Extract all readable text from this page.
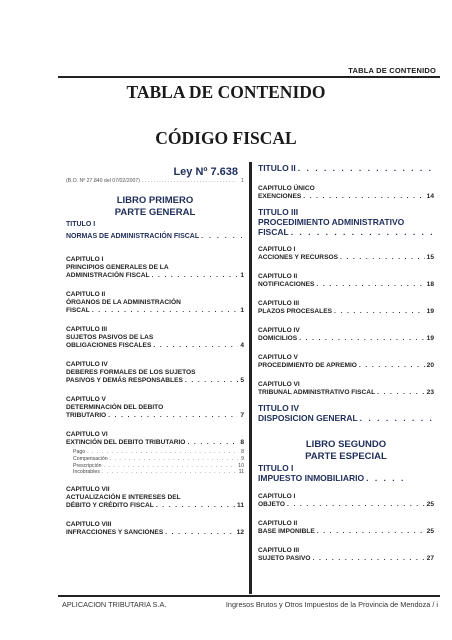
TABLA DE CONTENIDO
TABLA DE CONTENIDO
CÓDIGO FISCAL
Ley Nº 7.638
(B.O. Nº 27.840 del 07/02/2007) . . .	1
LIBRO PRIMERO
PARTE GENERAL
TITULO I
NORMAS DE ADMINISTRACIÓN FISCAL
. . .
CAPITULO I
PRINCIPIOS GENERALES DE LA
ADMINISTRACIÓN FISCAL . . .	1
CAPITULO II
ÓRGANOS DE LA ADMINISTRACIÓN
FISCAL . . .	1
CAPITULO III
SUJETOS PASIVOS DE LAS
OBLIGACIONES FISCALES . . .	4
CAPITULO IV
DEBERES FORMALES DE LOS SUJETOS
PASIVOS Y DEMÁS RESPONSABLES . . .	5
CAPITULO V
DETERMINACIÓN DEL DEBITO
TRIBUTARIO . . .	7
CAPITULO VI
EXTINCIÓN DEL DEBITO TRIBUTARIO . . .	8
Pago . . .	8
Compensación . . .	9
Prescripción . . .	10
Incobrables . . .	11
CAPITULO VII
ACTUALIZACIÓN E INTERESES DEL
DÉBITO Y CRÉDITO FISCAL . . .	11
CAPITULO VIII
INFRACCIONES Y SANCIONES . . .	12
TITULO II
. . .
CAPITULO ÚNICO
EXENCIONES . . .	14
TITULO III
PROCEDIMIENTO ADMINISTRATIVO
FISCAL
. . .
CAPITULO I
ACCIONES Y RECURSOS . . .	15
CAPITULO II
NOTIFICACIONES . . .	18
CAPITULO III
PLAZOS PROCESALES . . .	19
CAPITULO IV
DOMICILIOS . . .	19
CAPITULO V
PROCEDIMIENTO DE APREMIO . . .	20
CAPITULO VI
TRIBUNAL ADMINISTRATIVO FISCAL . . .	23
TITULO IV
DISPOSICION GENERAL
. . .
LIBRO SEGUNDO
PARTE ESPECIAL
TITULO I
IMPUESTO INMOBILIARIO
. . .
CAPITULO I
OBJETO . . .	25
CAPITULO II
BASE IMPONIBLE . . .	25
CAPITULO III
SUJETO PASIVO . . .	27
APLICACION TRIBUTARIA S.A.	Ingresos Brutos y Otros Impuestos de la Provincia de Mendoza / i
